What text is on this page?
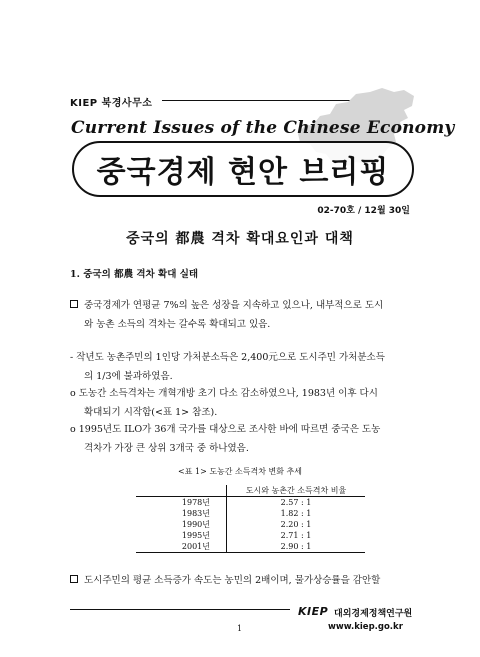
KIEP 북경사무소
Current Issues of the Chinese Economy
중국경제 현안 브리핑
02-70호 / 12월 30일
중국의 都農 격차 확대요인과 대책
1. 중국의 都農 격차 확대 실태
중국경제가 연평균 7%의 높은 성장을 지속하고 있으나, 내부적으로 도시
와 농촌 소득의 격차는 갈수록 확대되고 있음.
- 작년도 농촌주민의 1인당 가처분소득은 2,400元으로 도시주민 가처분소득
의 1/3에 불과하였음.
o 도농간 소득격차는 개혁개방 초기 다소 감소하였으나, 1983년 이후 다시
확대되기 시작함(<표 1> 참조).
o 1995년도 ILO가 36개 국가를 대상으로 조사한 바에 따르면 중국은 도농
격차가 가장 큰 상위 3개국 중 하나였음.
<표 1> 도농간 소득격차 변화 추세
	도시와 농촌간 소득격차 비율
1978년	2.57 : 1
1983년	1.82 : 1
1990년	2.20 : 1
1995년	2.71 : 1
2001년	2.90 : 1
도시주민의 평균 소득증가 속도는 농민의 2배이며, 물가상승률을 감안할
KIEP 대외경제정책연구원
www.kiep.go.kr
1
